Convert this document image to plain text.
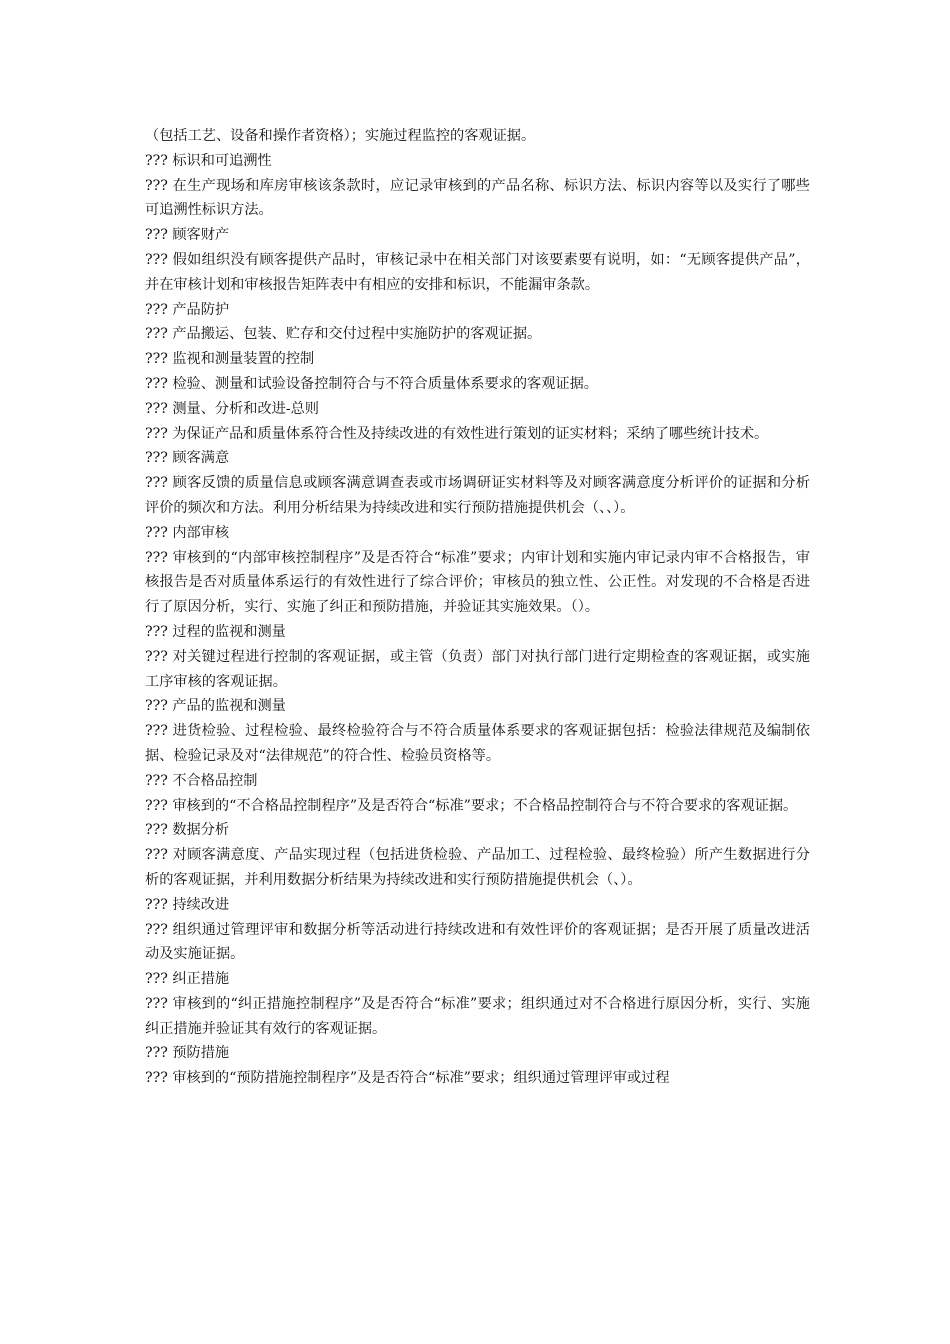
（包括工艺、设备和操作者资格）；实施过程监控的客观证据。

??? 标识和可追溯性

??? 在生产现场和库房审核该条款时，应记录审核到的产品名称、标识方法、标识内容等以及实行了哪些可追溯性标识方法。

??? 顾客财产

??? 假如组织没有顾客提供产品时，审核记录中在相关部门对该要素要有说明，如：“无顾客提供产品”，并在审核计划和审核报告矩阵表中有相应的安排和标识，不能漏审条款。

??? 产品防护

??? 产品搬运、包装、贮存和交付过程中实施防护的客观证据。

??? 监视和测量装置的控制

??? 检验、测量和试验设备控制符合与不符合质量体系要求的客观证据。

??? 测量、分析和改进-总则

??? 为保证产品和质量体系符合性及持续改进的有效性进行策划的证实材料；采纳了哪些统计技术。

??? 顾客满意

??? 顾客反馈的质量信息或顾客满意调查表或市场调研证实材料等及对顾客满意度分析评价的证据和分析评价的频次和方法。利用分析结果为持续改进和实行预防措施提供机会（、、）。

??? 内部审核

??? 审核到的“内部审核控制程序”及是否符合“标准”要求；内审计划和实施内审记录内审不合格报告，审核报告是否对质量体系运行的有效性进行了综合评价；审核员的独立性、公正性。对发现的不合格是否进行了原因分析，实行、实施了纠正和预防措施，并验证其实施效果。（）。

??? 过程的监视和测量

??? 对关键过程进行控制的客观证据，或主管（负责）部门对执行部门进行定期检查的客观证据，或实施工序审核的客观证据。

??? 产品的监视和测量

??? 进货检验、过程检验、最终检验符合与不符合质量体系要求的客观证据包括：检验法律规范及编制依据、检验记录及对“法律规范”的符合性、检验员资格等。

??? 不合格品控制

??? 审核到的“不合格品控制程序”及是否符合“标准”要求；不合格品控制符合与不符合要求的客观证据。

??? 数据分析

??? 对顾客满意度、产品实现过程（包括进货检验、产品加工、过程检验、最终检验）所产生数据进行分析的客观证据，并利用数据分析结果为持续改进和实行预防措施提供机会（、）。

??? 持续改进

??? 组织通过管理评审和数据分析等活动进行持续改进和有效性评价的客观证据；是否开展了质量改进活动及实施证据。

??? 纠正措施

??? 审核到的“纠正措施控制程序”及是否符合“标准”要求；组织通过对不合格进行原因分析，实行、实施纠正措施并验证其有效行的客观证据。

??? 预防措施

??? 审核到的“预防措施控制程序”及是否符合“标准”要求；组织通过管理评审或过程
